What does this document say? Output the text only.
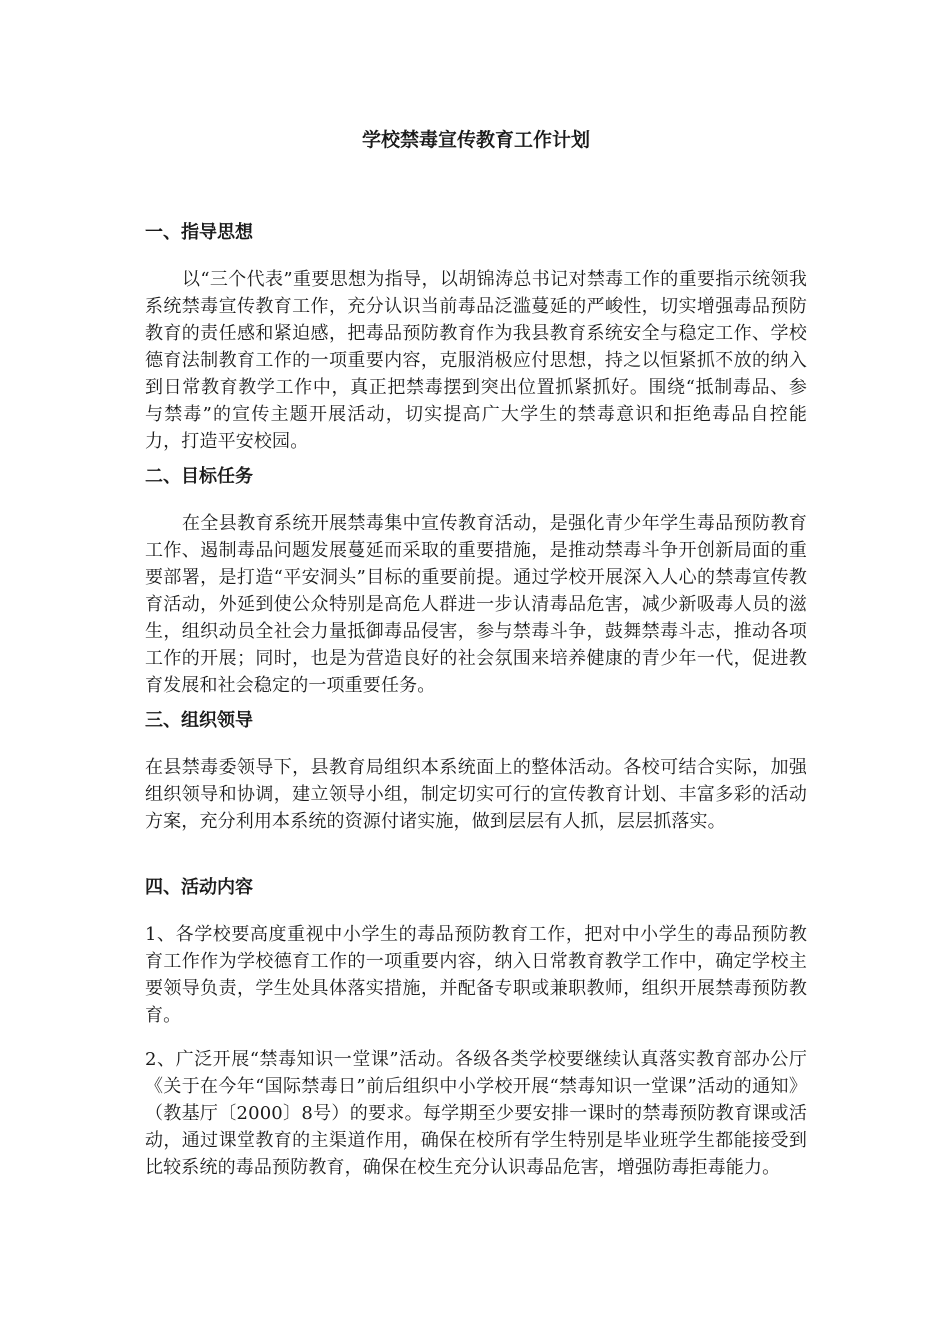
学校禁毒宣传教育工作计划
一、指导思想

以“三个代表”重要思想为指导，以胡锦涛总书记对禁毒工作的重要指示统领我系统禁毒宣传教育工作，充分认识当前毒品泛滥蔓延的严峻性，切实增强毒品预防教育的责任感和紧迫感，把毒品预防教育作为我县教育系统安全与稳定工作、学校德育法制教育工作的一项重要内容，克服消极应付思想，持之以恒紧抓不放的纳入到日常教育教学工作中，真正把禁毒摆到突出位置抓紧抓好。围绕“抵制毒品、参与禁毒”的宣传主题开展活动，切实提高广大学生的禁毒意识和拒绝毒品自控能力，打造平安校园。

二、目标任务

在全县教育系统开展禁毒集中宣传教育活动，是强化青少年学生毒品预防教育工作、遏制毒品问题发展蔓延而采取的重要措施，是推动禁毒斗争开创新局面的重要部署，是打造“平安洞头”目标的重要前提。通过学校开展深入人心的禁毒宣传教育活动，外延到使公众特别是高危人群进一步认清毒品危害，减少新吸毒人员的滋生，组织动员全社会力量抵御毒品侵害，参与禁毒斗争，鼓舞禁毒斗志，推动各项工作的开展；同时，也是为营造良好的社会氛围来培养健康的青少年一代，促进教育发展和社会稳定的一项重要任务。

三、组织领导

在县禁毒委领导下，县教育局组织本系统面上的整体活动。各校可结合实际，加强组织领导和协调，建立领导小组，制定切实可行的宣传教育计划、丰富多彩的活动方案，充分利用本系统的资源付诸实施，做到层层有人抓，层层抓落实。

四、活动内容

1、各学校要高度重视中小学生的毒品预防教育工作，把对中小学生的毒品预防教育工作作为学校德育工作的一项重要内容，纳入日常教育教学工作中，确定学校主要领导负责，学生处具体落实措施，并配备专职或兼职教师，组织开展禁毒预防教育。

2、广泛开展“禁毒知识一堂课”活动。各级各类学校要继续认真落实教育部办公厅《关于在今年“国际禁毒日”前后组织中小学校开展“禁毒知识一堂课”活动的通知》（教基厅〔2000〕8号）的要求。每学期至少要安排一课时的禁毒预防教育课或活动，通过课堂教育的主渠道作用，确保在校所有学生特别是毕业班学生都能接受到比较系统的毒品预防教育，确保在校生充分认识毒品危害，增强防毒拒毒能力。
